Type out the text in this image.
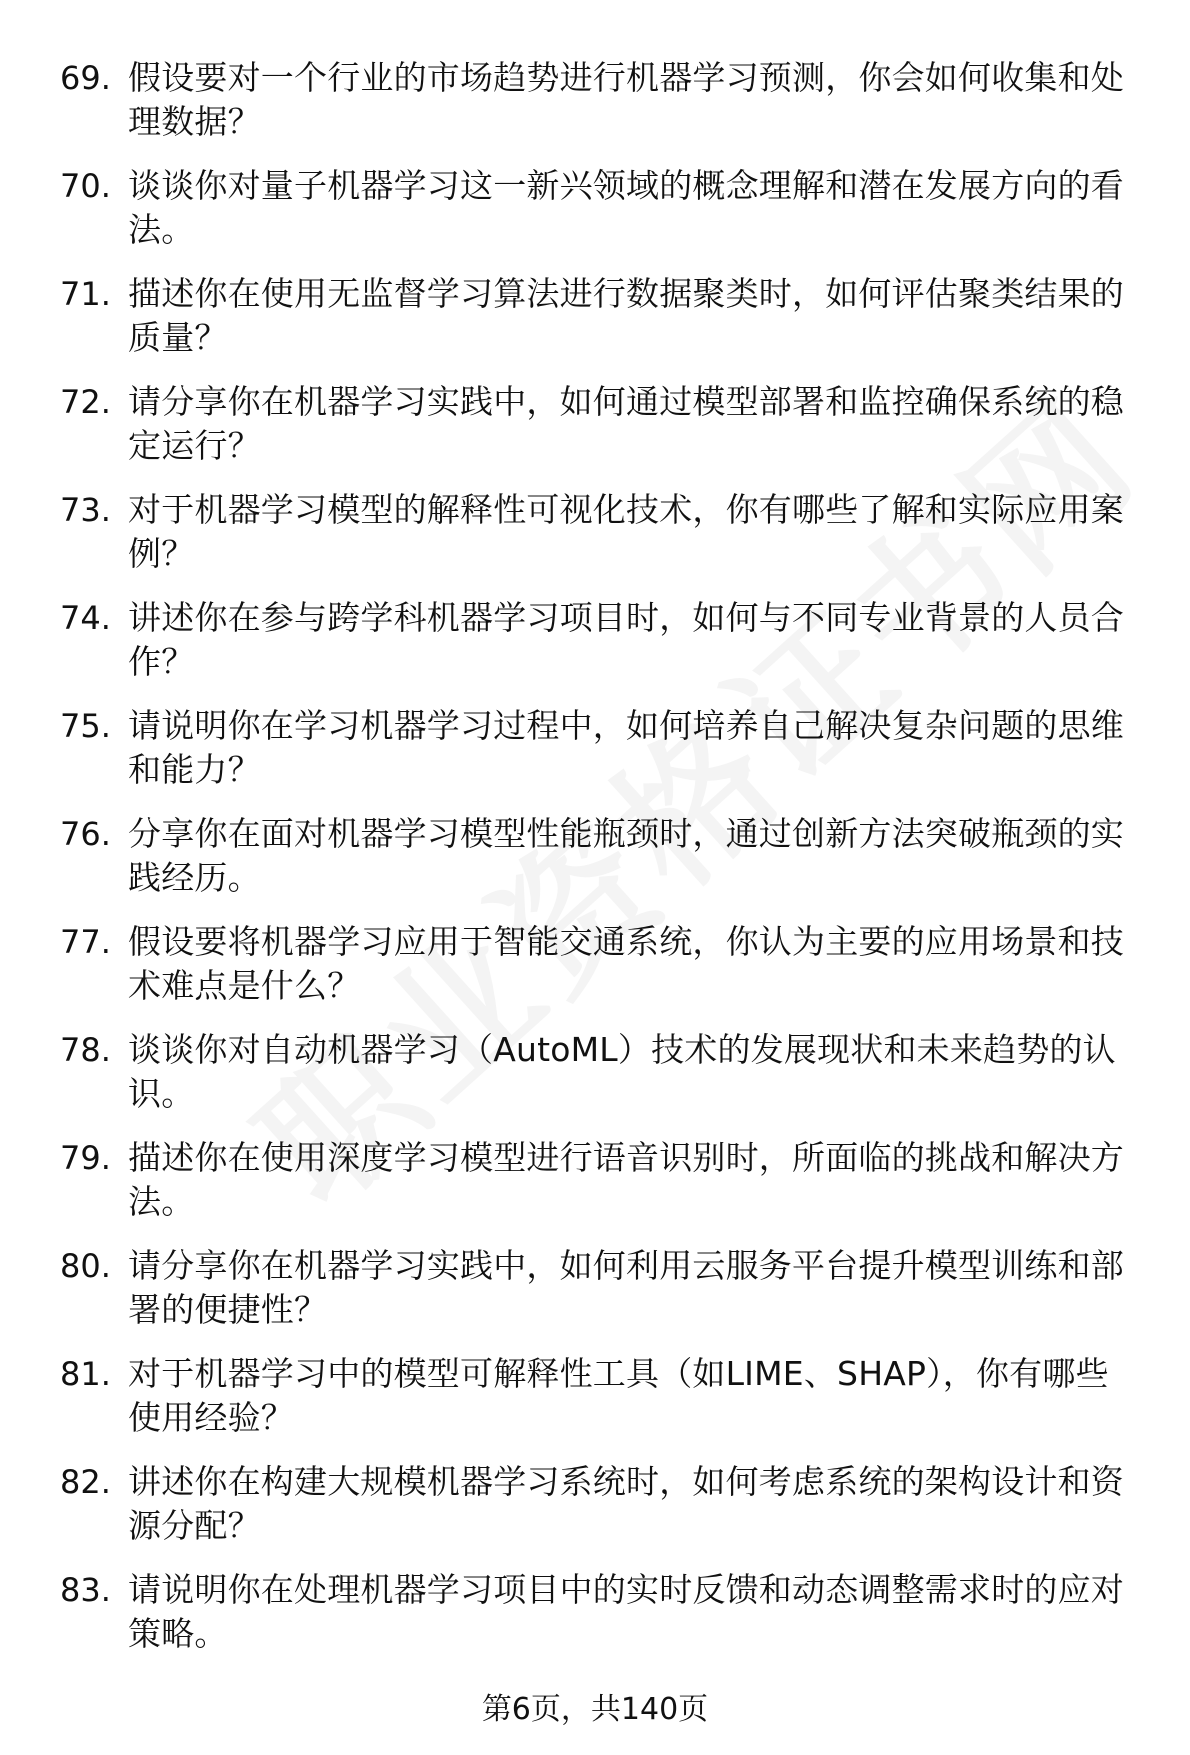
69. 假设要对一个行业的市场趋势进行机器学习预测，你会如何收集和处理数据？
70. 谈谈你对量子机器学习这一新兴领域的概念理解和潜在发展方向的看法。
71. 描述你在使用无监督学习算法进行数据聚类时，如何评估聚类结果的质量？
72. 请分享你在机器学习实践中，如何通过模型部署和监控确保系统的稳定运行？
73. 对于机器学习模型的解释性可视化技术，你有哪些了解和实际应用案例？
74. 讲述你在参与跨学科机器学习项目时，如何与不同专业背景的人员合作？
75. 请说明你在学习机器学习过程中，如何培养自己解决复杂问题的思维和能力？
76. 分享你在面对机器学习模型性能瓶颈时，通过创新方法突破瓶颈的实践经历。
77. 假设要将机器学习应用于智能交通系统，你认为主要的应用场景和技术难点是什么？
78. 谈谈你对自动机器学习（AutoML）技术的发展现状和未来趋势的认识。
79. 描述你在使用深度学习模型进行语音识别时，所面临的挑战和解决方法。
80. 请分享你在机器学习实践中，如何利用云服务平台提升模型训练和部署的便捷性？
81. 对于机器学习中的模型可解释性工具（如LIME、SHAP），你有哪些使用经验？
82. 讲述你在构建大规模机器学习系统时，如何考虑系统的架构设计和资源分配？
83. 请说明你在处理机器学习项目中的实时反馈和动态调整需求时的应对策略。
第6页，共140页
